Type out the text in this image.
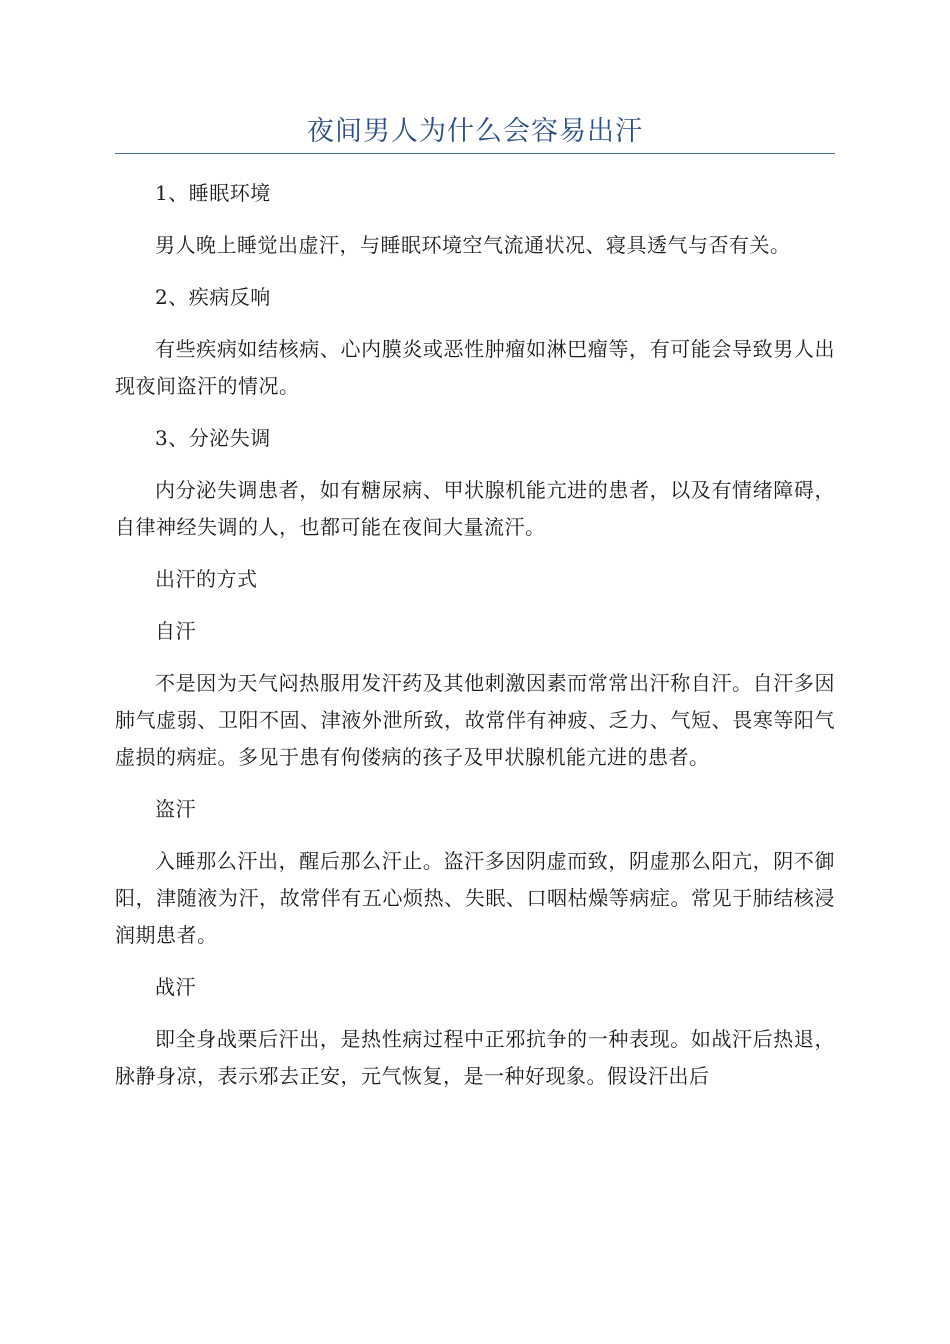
夜间男人为什么会容易出汗

1、睡眠环境

男人晚上睡觉出虚汗，与睡眠环境空气流通状况、寝具透气与否有关。

2、疾病反响

有些疾病如结核病、心内膜炎或恶性肿瘤如淋巴瘤等，有可能会导致男人出现夜间盗汗的情况。

3、分泌失调

内分泌失调患者，如有糖尿病、甲状腺机能亢进的患者，以及有情绪障碍，自律神经失调的人，也都可能在夜间大量流汗。

出汗的方式

自汗

不是因为天气闷热服用发汗药及其他刺激因素而常常出汗称自汗。自汗多因肺气虚弱、卫阳不固、津液外泄所致，故常伴有神疲、乏力、气短、畏寒等阳气虚损的病症。多见于患有佝偻病的孩子及甲状腺机能亢进的患者。

盗汗

入睡那么汗出，醒后那么汗止。盗汗多因阴虚而致，阴虚那么阳亢，阴不御阳，津随液为汗，故常伴有五心烦热、失眠、口咽枯燥等病症。常见于肺结核浸润期患者。

战汗

即全身战栗后汗出，是热性病过程中正邪抗争的一种表现。如战汗后热退，脉静身凉，表示邪去正安，元气恢复，是一种好现象。假设汗出后
